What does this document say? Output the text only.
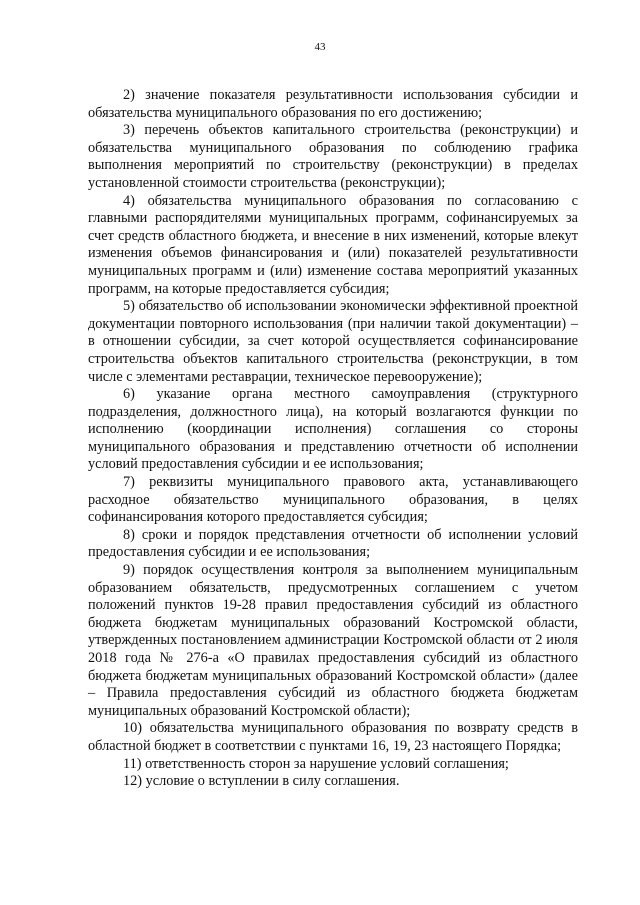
43

2) значение показателя результативности использования субсидии и обязательства муниципального образования по его достижению;

3) перечень объектов капитального строительства (реконструкции) и обязательства муниципального образования по соблюдению графика выполнения мероприятий по строительству (реконструкции) в пределах установленной стоимости строительства (реконструкции);

4) обязательства муниципального образования по согласованию с главными распорядителями муниципальных программ, софинансируемых за счет средств областного бюджета, и внесение в них изменений, которые влекут изменения объемов финансирования и (или) показателей результативности муниципальных программ и (или) изменение состава мероприятий указанных программ, на которые предоставляется субсидия;

5) обязательство об использовании экономически эффективной проектной документации повторного использования (при наличии такой документации) – в отношении субсидии, за счет которой осуществляется софинансирование строительства объектов капитального строительства (реконструкции, в том числе с элементами реставрации, техническое перевооружение);

6) указание органа местного самоуправления (структурного подразделения, должностного лица), на который возлагаются функции по исполнению (координации исполнения) соглашения со стороны муниципального образования и представлению отчетности об исполнении условий предоставления субсидии и ее использования;

7) реквизиты муниципального правового акта, устанавливающего расходное обязательство муниципального образования, в целях софинансирования которого предоставляется субсидия;

8) сроки и порядок представления отчетности об исполнении условий предоставления субсидии и ее использования;

9) порядок осуществления контроля за выполнением муниципальным образованием обязательств, предусмотренных соглашением с учетом положений пунктов 19-28 правил предоставления субсидий из областного бюджета бюджетам муниципальных образований Костромской области, утвержденных постановлением администрации Костромской области от 2 июля 2018 года № 276-а «О правилах предоставления субсидий из областного бюджета бюджетам муниципальных образований Костромской области» (далее – Правила предоставления субсидий из областного бюджета бюджетам муниципальных образований Костромской области);

10) обязательства муниципального образования по возврату средств в областной бюджет в соответствии с пунктами 16, 19, 23 настоящего Порядка;

11) ответственность сторон за нарушение условий соглашения;

12) условие о вступлении в силу соглашения.
